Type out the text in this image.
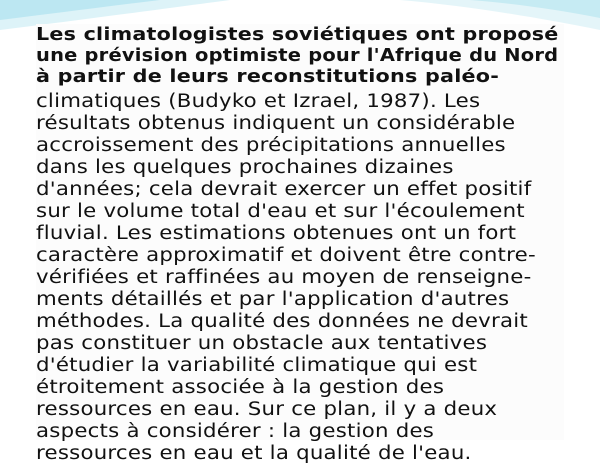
Les climatologistes soviétiques ont proposé
une prévision optimiste pour l'Afrique du Nord
à partir de leurs reconstitutions paléo-
climatiques (Budyko et Izrael, 1987). Les
résultats obtenus indiquent un considérable
accroissement des précipitations annuelles
dans les quelques prochaines dizaines
d'années; cela devrait exercer un effet positif
sur le volume total d'eau et sur l'écoulement
fluvial. Les estimations obtenues ont un fort
caractère approximatif et doivent être contre-
vérifiées et raffinées au moyen de renseigne-
ments détaillés et par l'application d'autres
méthodes. La qualité des données ne devrait
pas constituer un obstacle aux tentatives
d'étudier la variabilité climatique qui est
étroitement associée à la gestion des
ressources en eau. Sur ce plan, il y a deux
aspects à considérer : la gestion des
ressources en eau et la qualité de l'eau.
